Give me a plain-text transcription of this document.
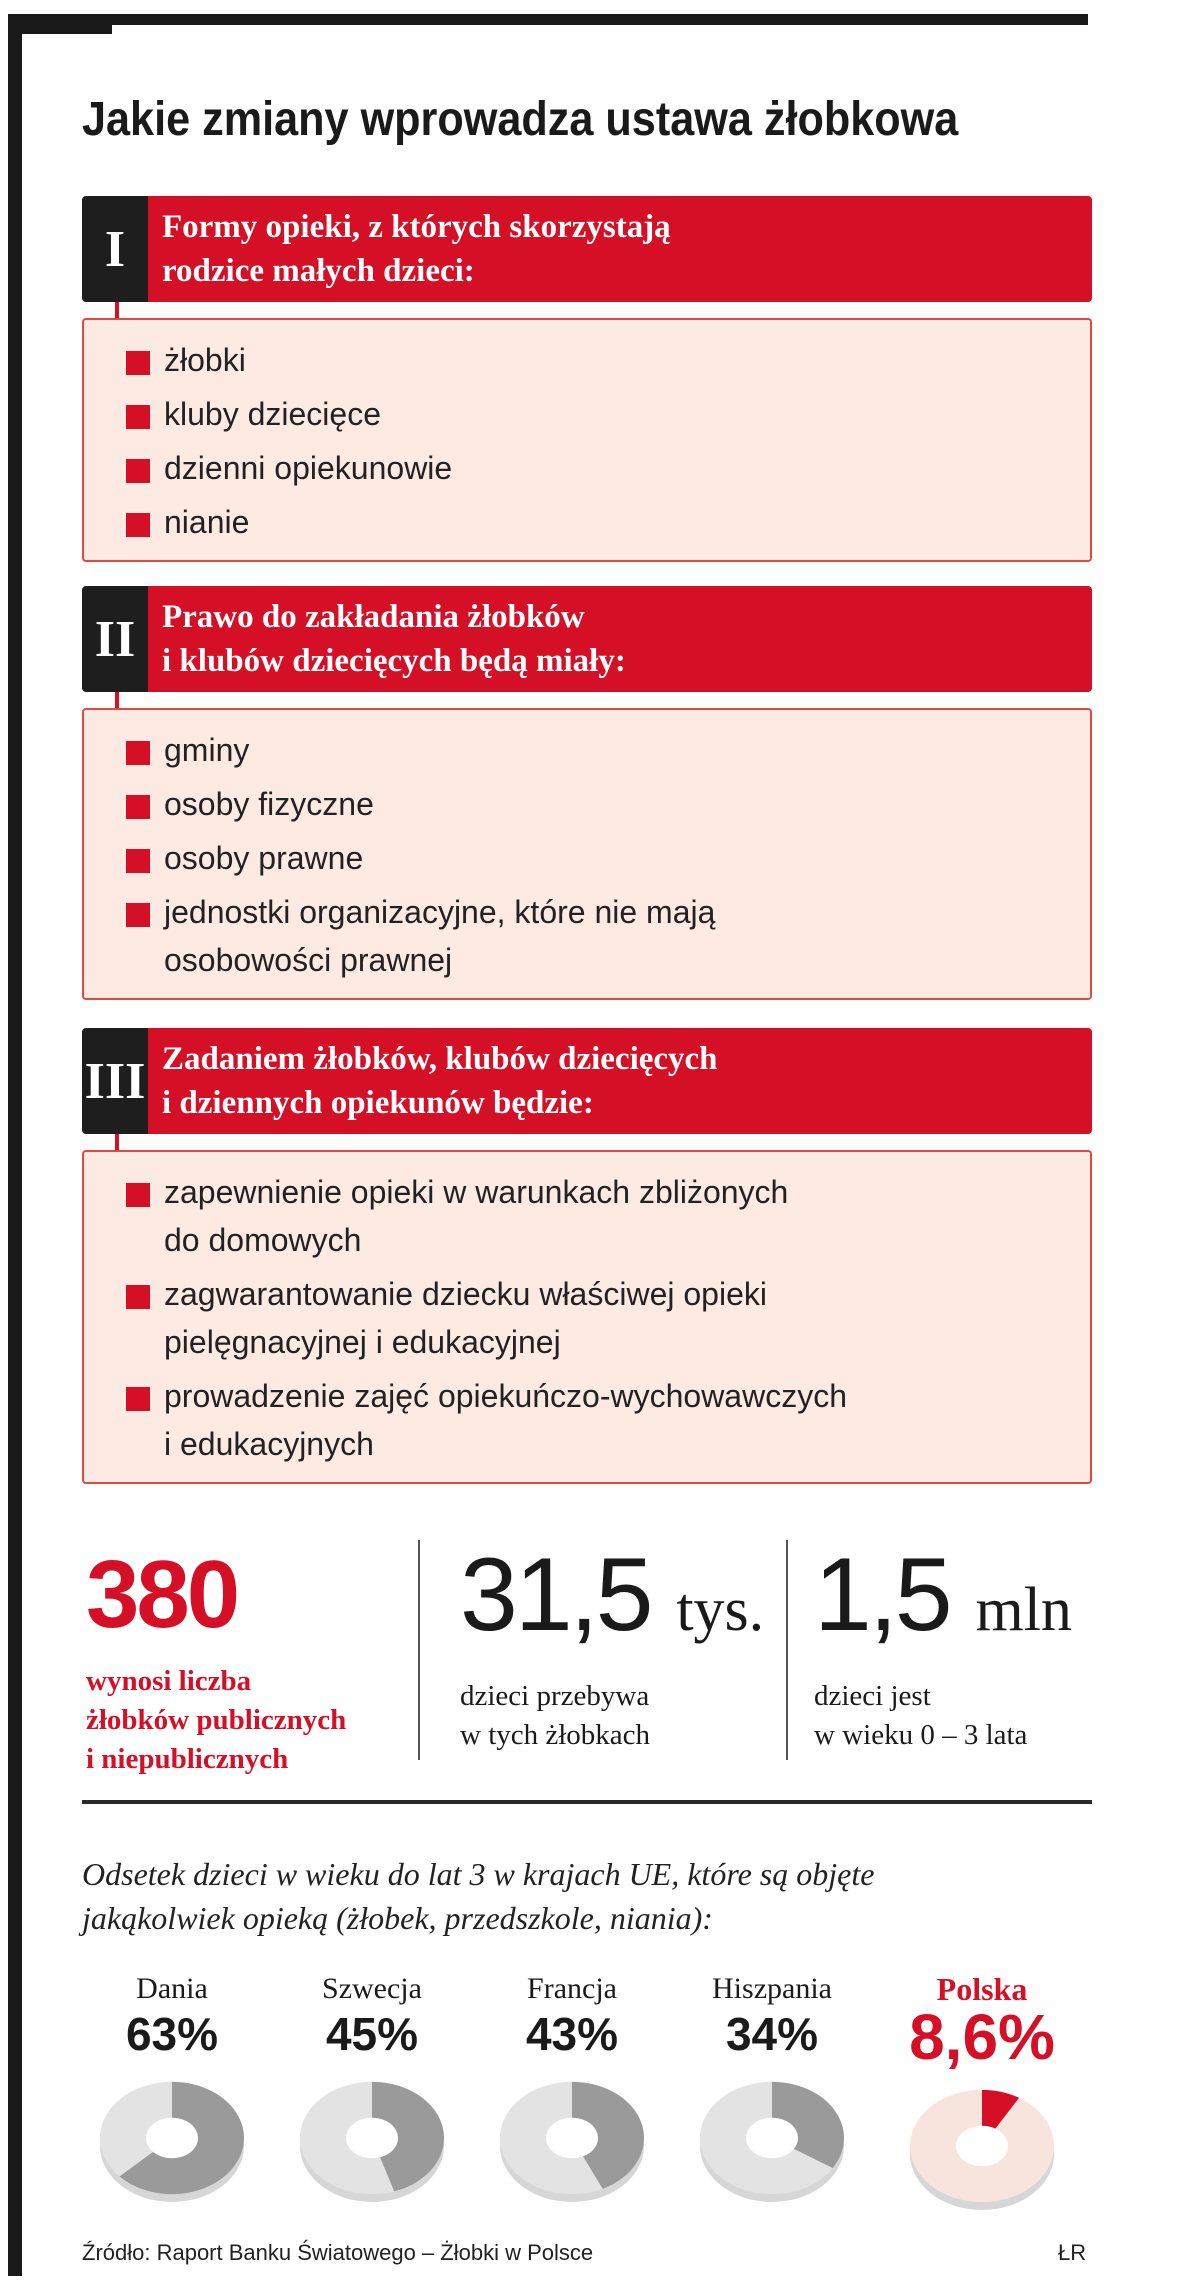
Jakie zmiany wprowadza ustawa żłobkowa
I	Formy opieki, z których skorzystają
rodzice małych dzieci:
żłobki
kluby dziecięce
dzienni opiekunowie
nianie
II Prawo do zakładania żłobków
i klubów dziecięcych będą miały:
gminy
osoby fizyczne
osoby prawne
jednostki organizacyjne, które nie mają
osobowości prawnej
III Zadaniem żłobków, klubów dziecięcych
i dziennych opiekunów będzie:
zapewnienie opieki w warunkach zbliżonych
do domowych
zagwarantowanie dziecku właściwej opieki
pielęgnacyjnej i edukacyjnej
prowadzenie zajęć opiekuńczo-wychowawczych
i edukacyjnych
380
wynosi liczba
żłobków publicznych
i niepublicznych
31,5 tys.
dzieci przebywa
w tych żłobkach
1,5 mln
dzieci jest
w wieku 0 – 3 lata
Odsetek dzieci w wieku do lat 3 w krajach UE, które są objęte
jakąkolwiek opieką (żłobek, przedszkole, niania):
Dania
63%
Szwecja
45%
Francja
43%
Hiszpania
34%
Polska
8,6%
Źródło: Raport Banku Światowego – Żłobki w Polsce	ŁR
